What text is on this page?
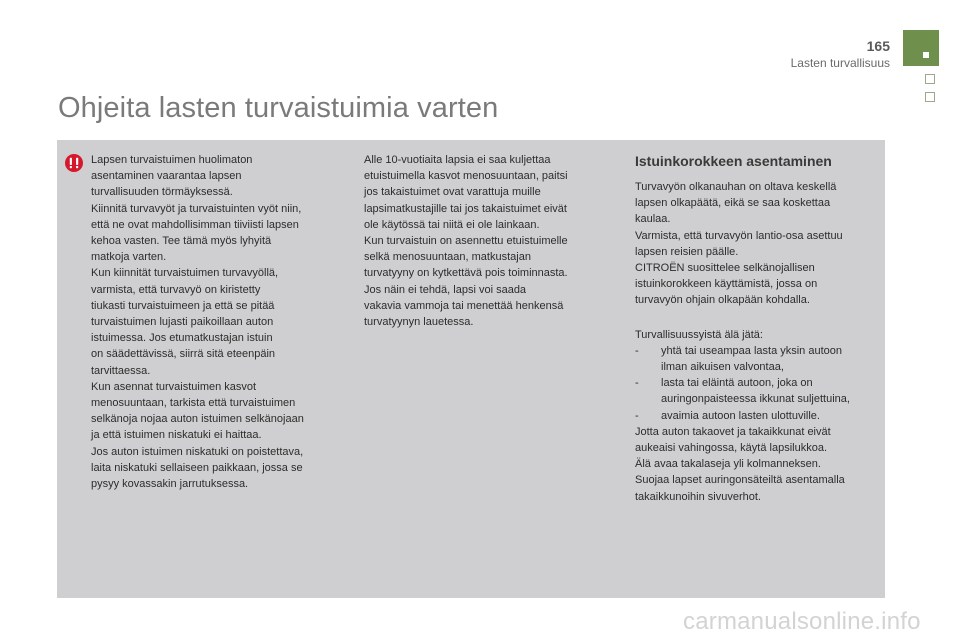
165
Lasten turvallisuus
Ohjeita lasten turvaistuimia varten

Lapsen turvaistuimen huolimaton
asentaminen vaarantaa lapsen
turvallisuuden törmäyksessä.

Kiinnitä turvavyöt ja turvaistuinten vyöt niin,
että ne ovat mahdollisimman tiiviisti lapsen
kehoa vasten. Tee tämä myös lyhyitä
matkoja varten.

Kun kiinnität turvaistuimen turvavyöllä,
varmista, että turvavyö on kiristetty
tiukasti turvaistuimeen ja että se pitää
turvaistuimen lujasti paikoillaan auton
istuimessa. Jos etumatkustajan istuin
on säädettävissä, siirrä sitä eteenpäin
tarvittaessa.

Kun asennat turvaistuimen kasvot
menosuuntaan, tarkista että turvaistuimen
selkänoja nojaa auton istuimen selkänojaan
ja että istuimen niskatuki ei haittaa.

Jos auton istuimen niskatuki on poistettava,
laita niskatuki sellaiseen paikkaan, jossa se
pysyy kovassakin jarrutuksessa.

Alle 10-vuotiaita lapsia ei saa kuljettaa
etuistuimella kasvot menosuuntaan, paitsi
jos takaistuimet ovat varattuja muille
lapsimatkustajille tai jos takaistuimet eivät
ole käytössä tai niitä ei ole lainkaan.

Kun turvaistuin on asennettu etuistuimelle
selkä menosuuntaan, matkustajan
turvatyyny on kytkettävä pois toiminnasta.
Jos näin ei tehdä, lapsi voi saada
vakavia vammoja tai menettää henkensä
turvatyynyn lauetessa.

Istuinkorokkeen asentaminen

Turvavyön olkanauhan on oltava keskellä
lapsen olkapäätä, eikä se saa koskettaa
kaulaa.

Varmista, että turvavyön lantio-osa asettuu
lapsen reisien päälle.

CITROËN suosittelee selkänojallisen
istuinkorokkeen käyttämistä, jossa on
turvavyön ohjain olkapään kohdalla.

Turvallisuussyistä älä jätä:

- yhtä tai useampaa lasta yksin autoon
ilman aikuisen valvontaa,

- lasta tai eläintä autoon, joka on
auringonpaisteessa ikkunat suljettuina,

- avaimia autoon lasten ulottuville.

Jotta auton takaovet ja takaikkunat eivät
aukeaisi vahingossa, käytä lapsilukkoa.

Älä avaa takalaseja yli kolmanneksen.

Suojaa lapset auringonsäteiltä asentamalla
takaikkunoihin sivuverhot.

carmanualsonline.info
